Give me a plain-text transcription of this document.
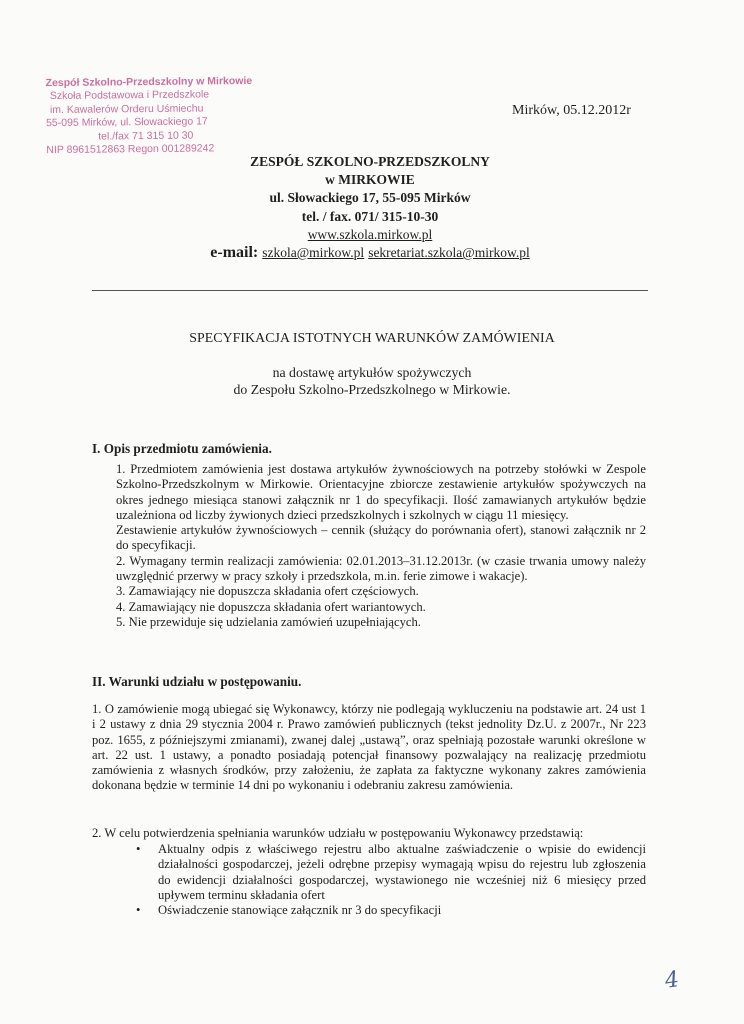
Zespół Szkolno-Przedszkolny w Mirkowie
Szkoła Podstawowa i Przedszkole
im. Kawalerów Orderu Uśmiechu
55-095 Mirków, ul. Słowackiego 17
tel./fax 71 315 10 30
NIP 8961512863 Regon 001289242
Mirków, 05.12.2012r
ZESPÓŁ SZKOLNO-PRZEDSZKOLNY
w MIRKOWIE
ul. Słowackiego 17, 55-095 Mirków
tel. / fax. 071/ 315-10-30
www.szkola.mirkow.pl
e-mail: szkola@mirkow.pl sekretariat.szkola@mirkow.pl
SPECYFIKACJA ISTOTNYCH WARUNKÓW ZAMÓWIENIA
na dostawę artykułów spożywczych
do Zespołu Szkolno-Przedszkolnego w Mirkowie.
I. Opis przedmiotu zamówienia.

1. Przedmiotem zamówienia jest dostawa artykułów żywnościowych na potrzeby stołówki w Zespole Szkolno-Przedszkolnym w Mirkowie. Orientacyjne zbiorcze zestawienie artykułów spożywczych na okres jednego miesiąca stanowi załącznik nr 1 do specyfikacji. Ilość zamawianych artykułów będzie uzależniona od liczby żywionych dzieci przedszkolnych i szkolnych w ciągu 11 miesięcy.

Zestawienie artykułów żywnościowych – cennik (służący do porównania ofert), stanowi załącznik nr 2 do specyfikacji.

2. Wymagany termin realizacji zamówienia: 02.01.2013–31.12.2013r. (w czasie trwania umowy należy uwzględnić przerwy w pracy szkoły i przedszkola, m.in. ferie zimowe i wakacje).

3. Zamawiający nie dopuszcza składania ofert częściowych.

4. Zamawiający nie dopuszcza składania ofert wariantowych.

5. Nie przewiduje się udzielania zamówień uzupełniających.

II. Warunki udziału w postępowaniu.
1. O zamówienie mogą ubiegać się Wykonawcy, którzy nie podlegają wykluczeniu na podstawie art. 24 ust 1 i 2 ustawy z dnia 29 stycznia 2004 r. Prawo zamówień publicznych (tekst jednolity Dz.U. z 2007r., Nr 223 poz. 1655, z późniejszymi zmianami), zwanej dalej „ustawą”, oraz spełniają pozostałe warunki określone w art. 22 ust. 1 ustawy, a ponadto posiadają potencjał finansowy pozwalający na realizację przedmiotu zamówienia z własnych środków, przy założeniu, że zapłata za faktyczne wykonany zakres zamówienia dokonana będzie w terminie 14 dni po wykonaniu i odebraniu zakresu zamówienia.
2. W celu potwierdzenia spełniania warunków udziału w postępowaniu Wykonawcy przedstawią:
•	Aktualny odpis z właściwego rejestru albo aktualne zaświadczenie o wpisie do ewidencji działalności gospodarczej, jeżeli odrębne przepisy wymagają wpisu do rejestru lub zgłoszenia do ewidencji działalności gospodarczej, wystawionego nie wcześniej niż 6 miesięcy przed upływem terminu składania ofert
•	Oświadczenie stanowiące załącznik nr 3 do specyfikacji
4
